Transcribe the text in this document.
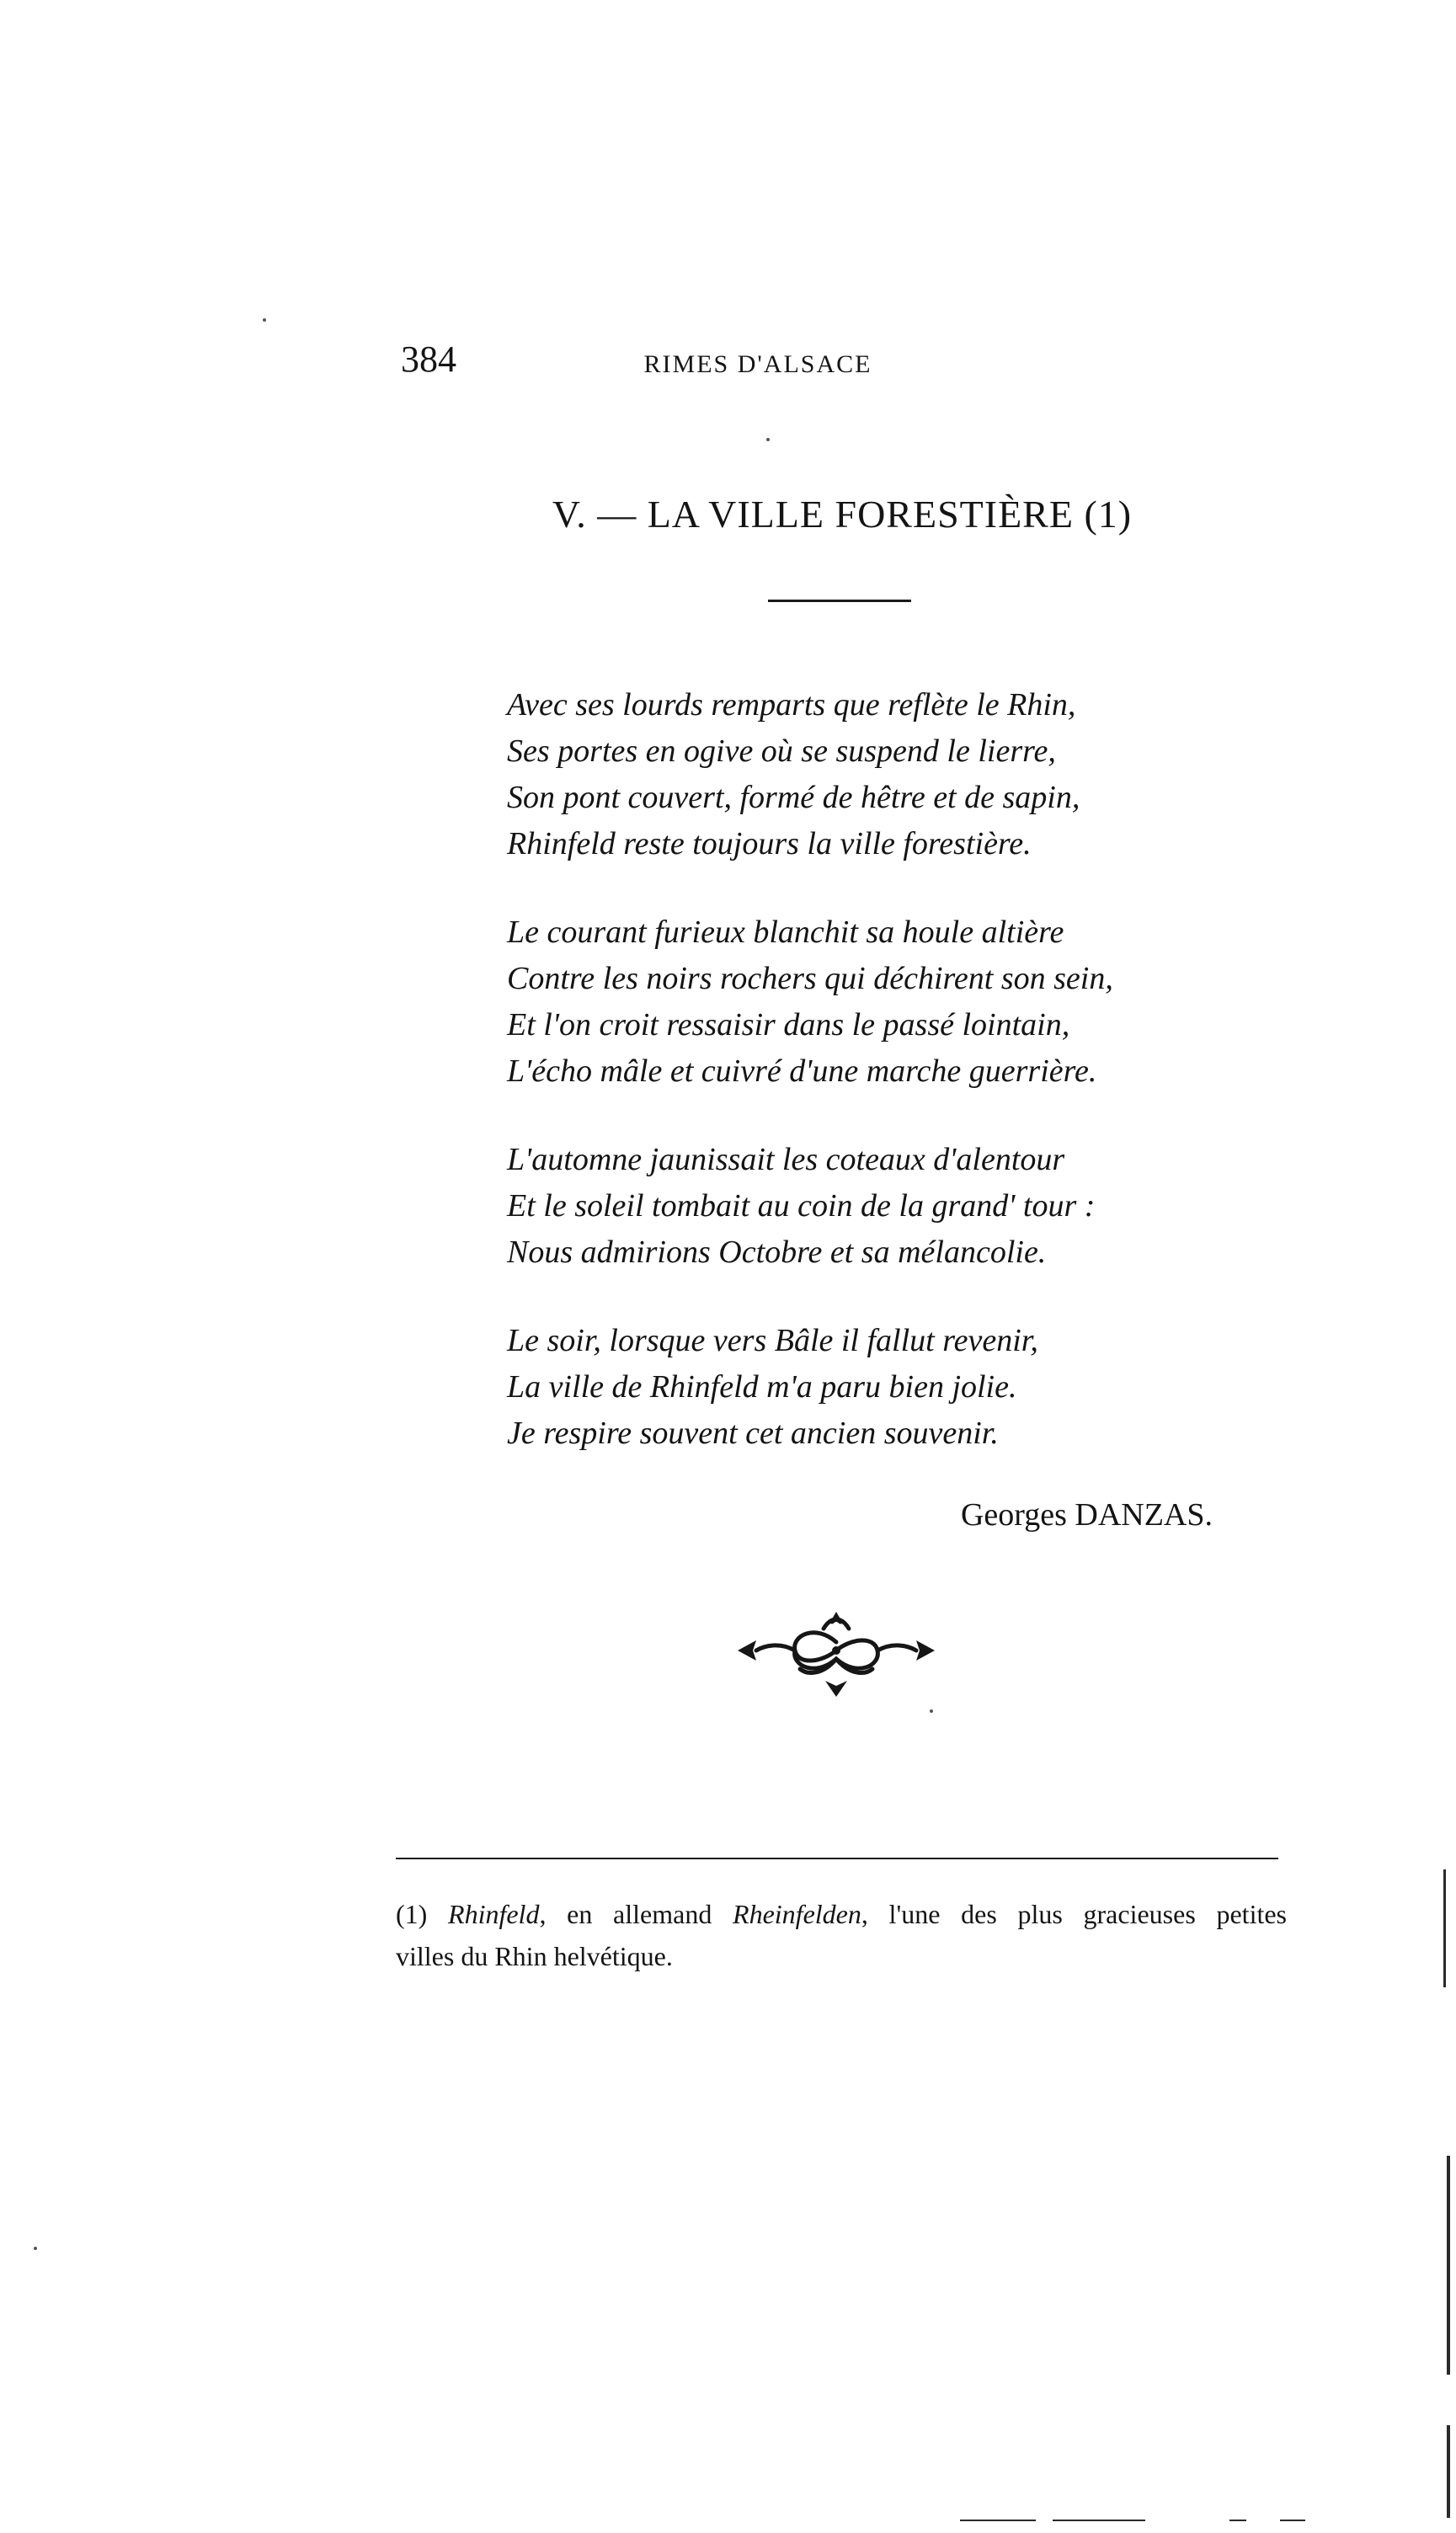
384	RIMES D'ALSACE
V. — LA VILLE FORESTIÈRE (1)
Avec ses lourds remparts que reflète le Rhin,
Ses portes en ogive où se suspend le lierre,
Son pont couvert, formé de hêtre et de sapin,
Rhinfeld reste toujours la ville forestière.
Le courant furieux blanchit sa houle altière
Contre les noirs rochers qui déchirent son sein,
Et l'on croit ressaisir dans le passé lointain,
L'écho mâle et cuivré d'une marche guerrière.
L'automne jaunissait les coteaux d'alentour
Et le soleil tombait au coin de la grand' tour :
Nous admirions Octobre et sa mélancolie.
Le soir, lorsque vers Bâle il fallut revenir,
La ville de Rhinfeld m'a paru bien jolie.
Je respire souvent cet ancien souvenir.
Georges DANZAS.
(1) Rhinfeld, en allemand Rheinfelden, l'une des plus gracieuses petites
villes du Rhin helvétique.
